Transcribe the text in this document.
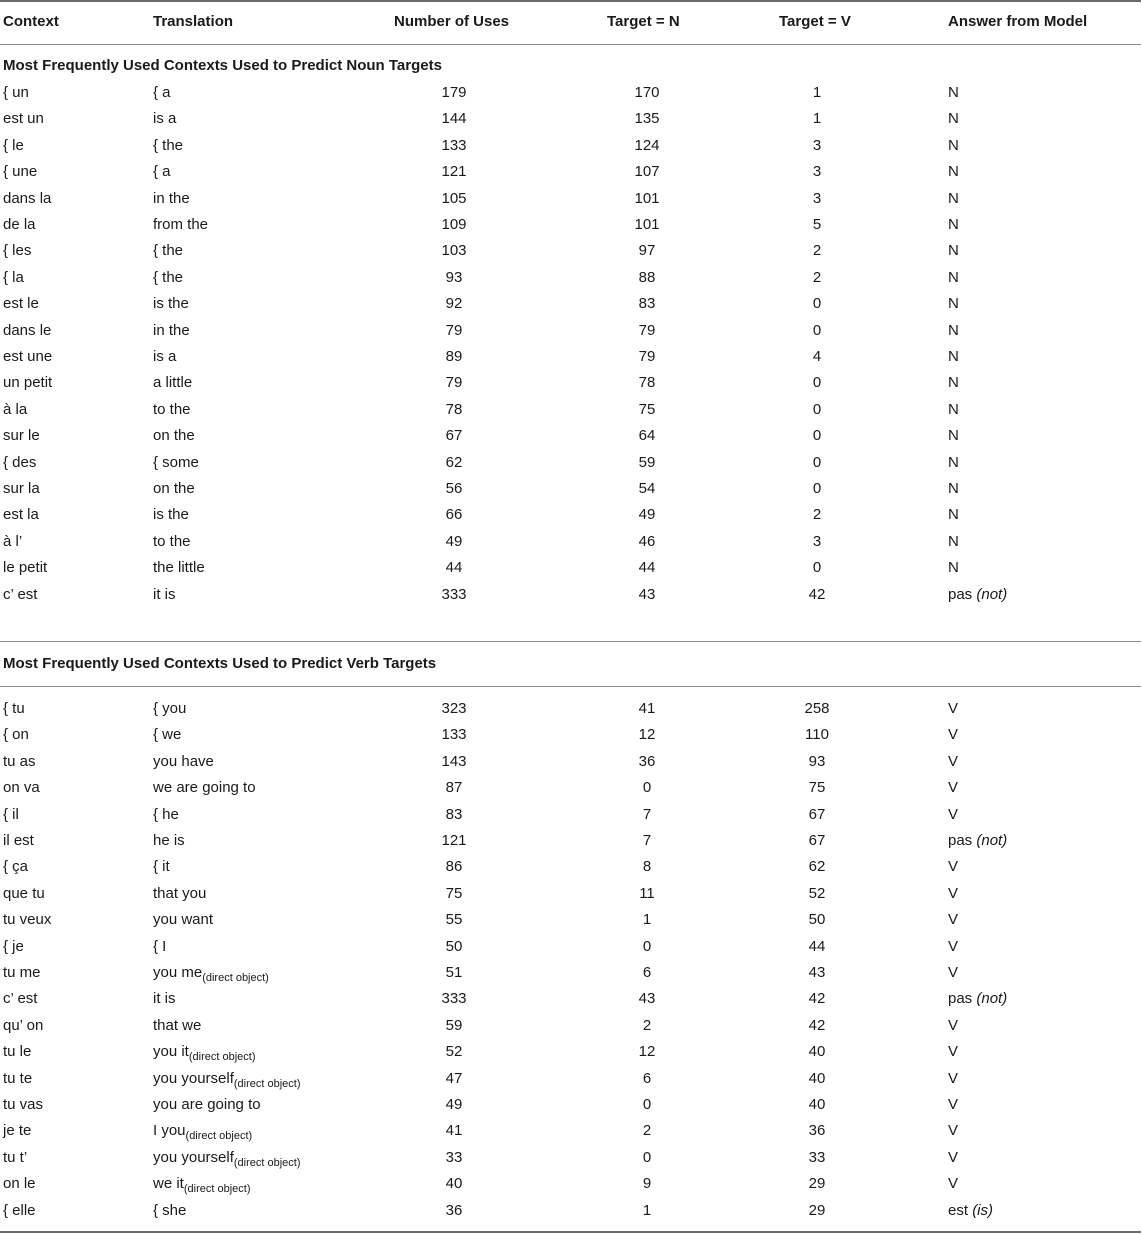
Context	Translation	Number of Uses	Target = N	Target = V	Answer from Model
Most Frequently Used Contexts Used to Predict Noun Targets
{ un	{ a	179	170	1	N
est un	is a	144	135	1	N
{ le	{ the	133	124	3	N
{ une	{ a	121	107	3	N
dans la	in the	105	101	3	N
de la	from the	109	101	5	N
{ les	{ the	103	97	2	N
{ la	{ the	93	88	2	N
est le	is the	92	83	0	N
dans le	in the	79	79	0	N
est une	is a	89	79	4	N
un petit	a little	79	78	0	N
à la	to the	78	75	0	N
sur le	on the	67	64	0	N
{ des	{ some	62	59	0	N
sur la	on the	56	54	0	N
est la	is the	66	49	2	N
à l’	to the	49	46	3	N
le petit	the little	44	44	0	N
c’ est	it is	333	43	42	pas (not)
Most Frequently Used Contexts Used to Predict Verb Targets
{ tu	{ you	323	41	258	V
{ on	{ we	133	12	110	V
tu as	you have	143	36	93	V
on va	we are going to	87	0	75	V
{ il	{ he	83	7	67	V
il est	he is	121	7	67	pas (not)
{ ça	{ it	86	8	62	V
que tu	that you	75	11	52	V
tu veux	you want	55	1	50	V
{ je	{ I	50	0	44	V
tu me	you $me_{(direct object)}$	51	6	43	V
c’ est	it is	333	43	42	pas (not)
qu’ on	that we	59	2	42	V
tu le	you $it_{(direct object)}$	52	12	40	V
tu te	you yourself$_{(direct object)}$	47	6	40	V
tu vas	you are going to	49	0	40	V
je te	I you$_{(direct object)}$	41	2	36	V
tu t’	you yourself$_{(direct object)}$	33	0	33	V
on le	we $it_{(direct object)}$	40	9	29	V
{ elle	{ she	36	1	29	est (is)
